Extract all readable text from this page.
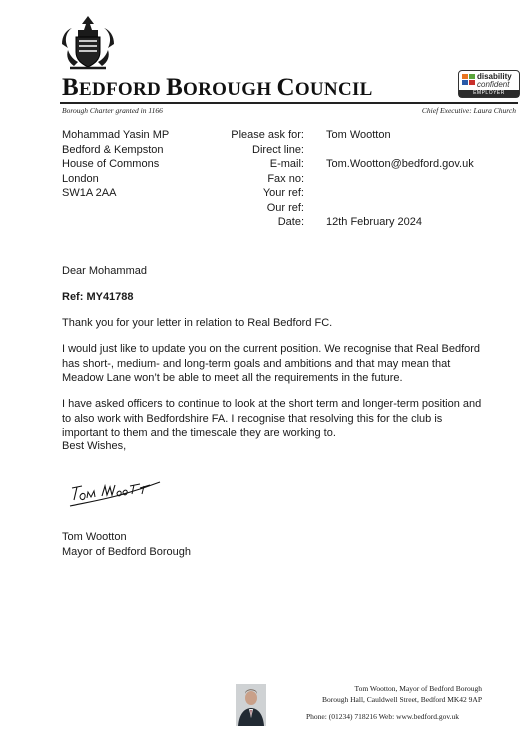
BEDFORD BOROUGH COUNCIL
disability
confident
EMPLOYER
Borough Charter granted in 1166	Chief Executive: Laura Church
Mohammad Yasin MP
Bedford & Kempston
House of Commons
London
SW1A 2AA
Please ask for:
Direct line:
E-mail:
Fax no:
Your ref:
Our ref:
Date:
Tom Wootton
Tom.Wootton@bedford.gov.uk
12th February 2024
Dear Mohammad
Ref: MY41788
Thank you for your letter in relation to Real Bedford FC.
I would just like to update you on the current position. We recognise that Real Bedford has short-, medium- and long-term goals and ambitions and that may mean that Meadow Lane won’t be able to meet all the requirements in the future.
I have asked officers to continue to look at the short term and longer-term position and to also work with Bedfordshire FA. I recognise that resolving this for the club is important to them and the timescale they are working to.
Best Wishes,
Tom Wootton
Mayor of Bedford Borough
Tom Wootton, Mayor of Bedford Borough
Borough Hall, Cauldwell Street, Bedford MK42 9AP
Phone: (01234) 718216 Web: www.bedford.gov.uk
